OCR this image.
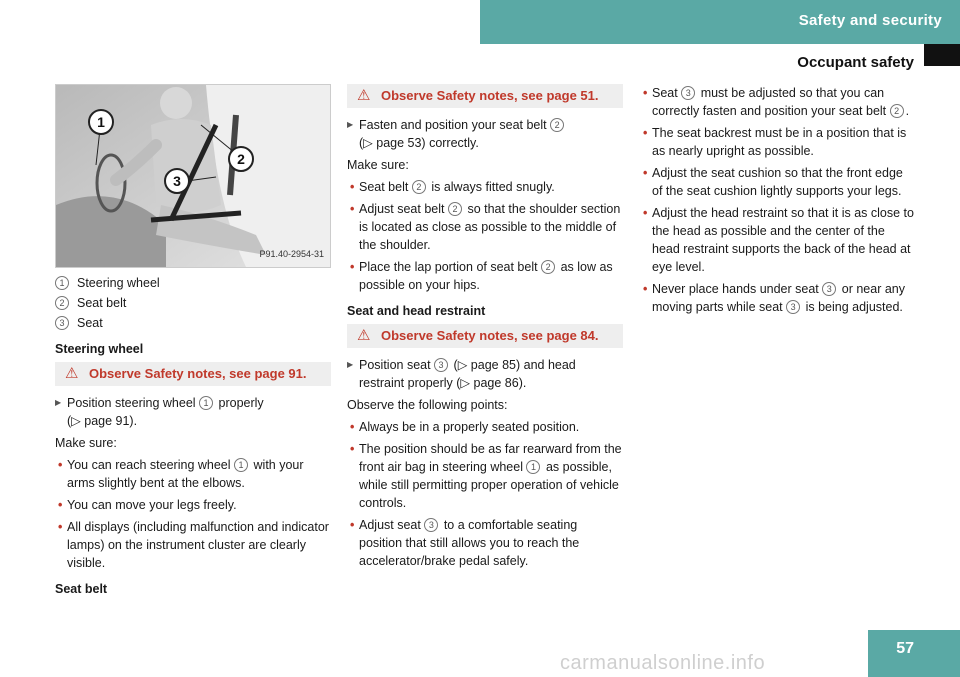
Safety and security
Occupant safety
1
2
3
P91.40-2954-31
1 Steering wheel
2 Seat belt
3 Seat
Steering wheel
⚠ Observe Safety notes, see page 91.
▶ Position steering wheel 1 properly
(▷ page 91).
Make sure:
• You can reach steering wheel 1 with your arms slightly bent at the elbows.
• You can move your legs freely.
• All displays (including malfunction and indicator lamps) on the instrument cluster are clearly visible.
Seat belt
⚠ Observe Safety notes, see page 51.
▶ Fasten and position your seat belt 2
(▷ page 53) correctly.
Make sure:
• Seat belt 2 is always fitted snugly.
• Adjust seat belt 2 so that the shoulder section is located as close as possible to the middle of the shoulder.
• Place the lap portion of seat belt 2 as low as possible on your hips.
Seat and head restraint
⚠ Observe Safety notes, see page 84.
▶ Position seat 3 (▷ page 85) and head restraint properly (▷ page 86).
Observe the following points:
• Always be in a properly seated position.
• The position should be as far rearward from the front air bag in steering wheel 1 as possible, while still permitting proper operation of vehicle controls.
• Adjust seat 3 to a comfortable seating position that still allows you to reach the accelerator/brake pedal safely.
• Seat 3 must be adjusted so that you can correctly fasten and position your seat belt 2 .
• The seat backrest must be in a position that is as nearly upright as possible.
• Adjust the seat cushion so that the front edge of the seat cushion lightly supports your legs.
• Adjust the head restraint so that it is as close to the head as possible and the center of the head restraint supports the back of the head at eye level.
• Never place hands under seat 3 or near any moving parts while seat 3 is being adjusted.
carmanualsonline.info
57
